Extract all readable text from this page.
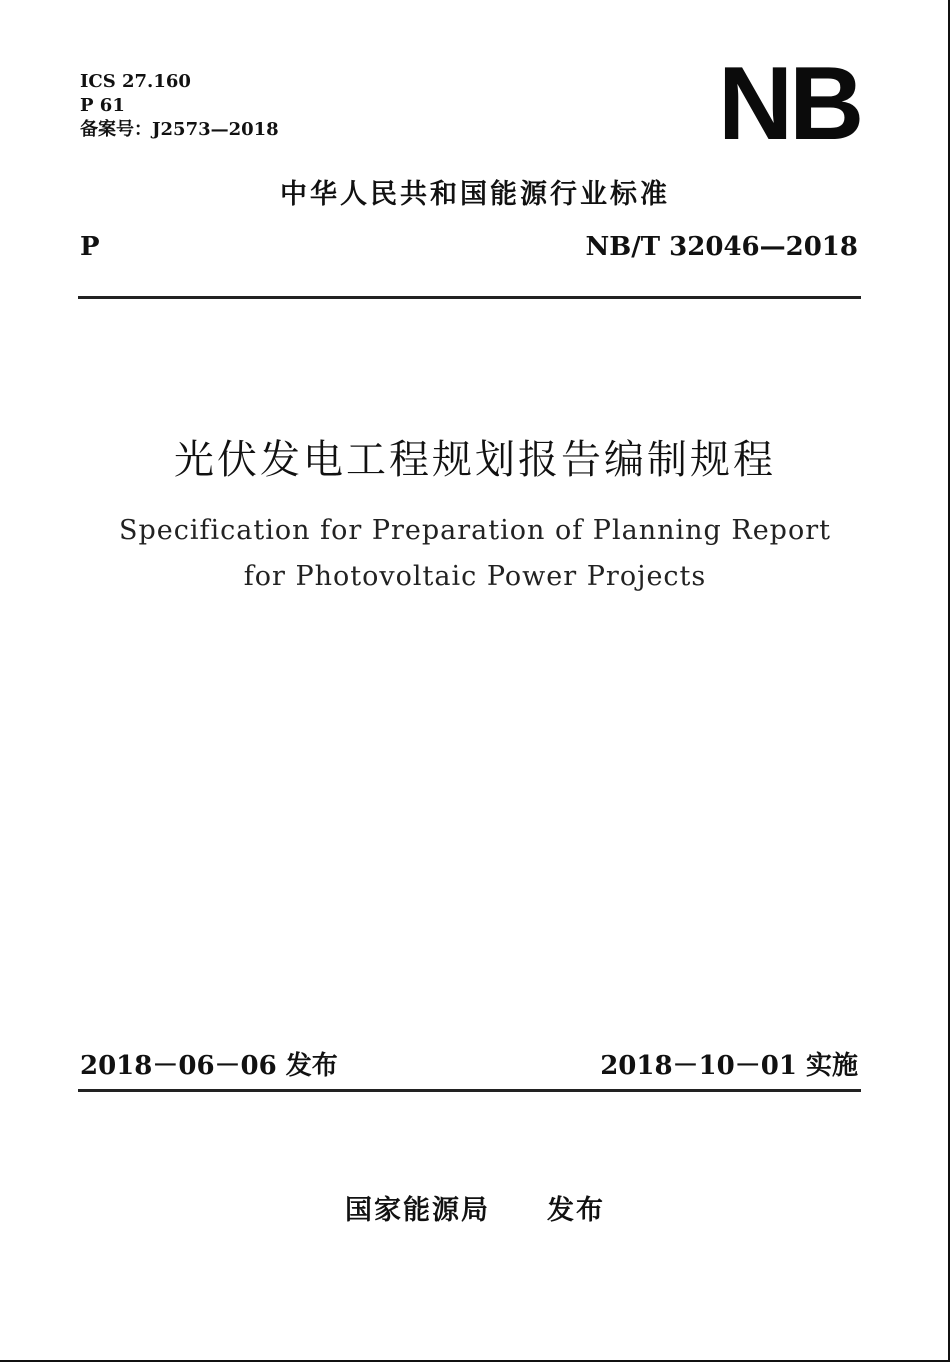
ICS 27.160
P 61
备案号：J2573—2018	NB
中华人民共和国能源行业标准
P	NB/T 32046—2018
光伏发电工程规划报告编制规程
Specification for Preparation of Planning Report
for Photovoltaic Power Projects
2018－06－06 发布	2018－10－01 实施
国家能源局 发布
